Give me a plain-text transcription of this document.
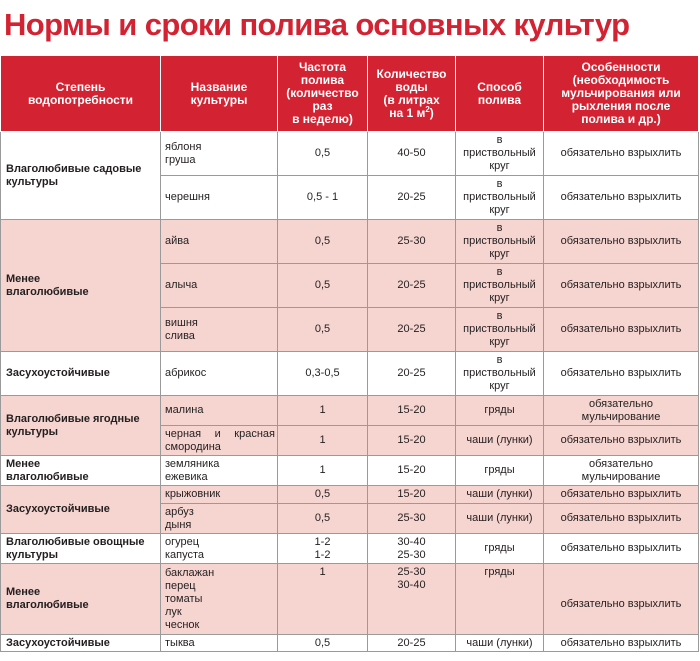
Нормы и сроки полива основных культур
Степень
водопотребности	Название
культуры	Частота
полива
(количество
раз
в неделю)	Количество
воды
(в литрах
на 1 $м^2$)	Способ
полива	Особенности
(необходимость
мульчирования или
рыхления после
полива и др.)

Влаголюбивые садовые
культуры	яблоня
груша	0,5	40-50	в
приствольный
круг	обязательно взрыхлить

	черешня	0,5 - 1	20-25	в
приствольный
круг	обязательно взрыхлить

Менее
влаголюбивые	айва	0,5	25-30	в
приствольный
круг	обязательно взрыхлить

	алыча	0,5	20-25	в
приствольный
круг	обязательно взрыхлить

	вишня
слива	0,5	20-25	в
приствольный
круг	обязательно взрыхлить

Засухоустойчивые	абрикос	0,3-0,5	20-25	в
приствольный
круг	обязательно взрыхлить

Влаголюбивые ягодные
культуры	малина	1	15-20	гряды	обязательно
мульчирование

	черная и красная
смородина	1	15-20	чаши (лунки)	обязательно взрыхлить

Менее
влаголюбивые	земляника
ежевика	1	15-20	гряды	обязательно
мульчирование

Засухоустойчивые	крыжовник	0,5	15-20	чаши (лунки)	обязательно взрыхлить

	арбуз
дыня	0,5	25-30	чаши (лунки)	обязательно взрыхлить

Влаголюбивые овощные
культуры	огурец
капуста	1-2
1-2	30-40
25-30	гряды	обязательно взрыхлить

Менее
влаголюбивые	баклажан
перец
томаты
лук
чеснок	1	25-30
30-40	гряды	обязательно взрыхлить

Засухоустойчивые	тыква	0,5	20-25	чаши (лунки)	обязательно взрыхлить
